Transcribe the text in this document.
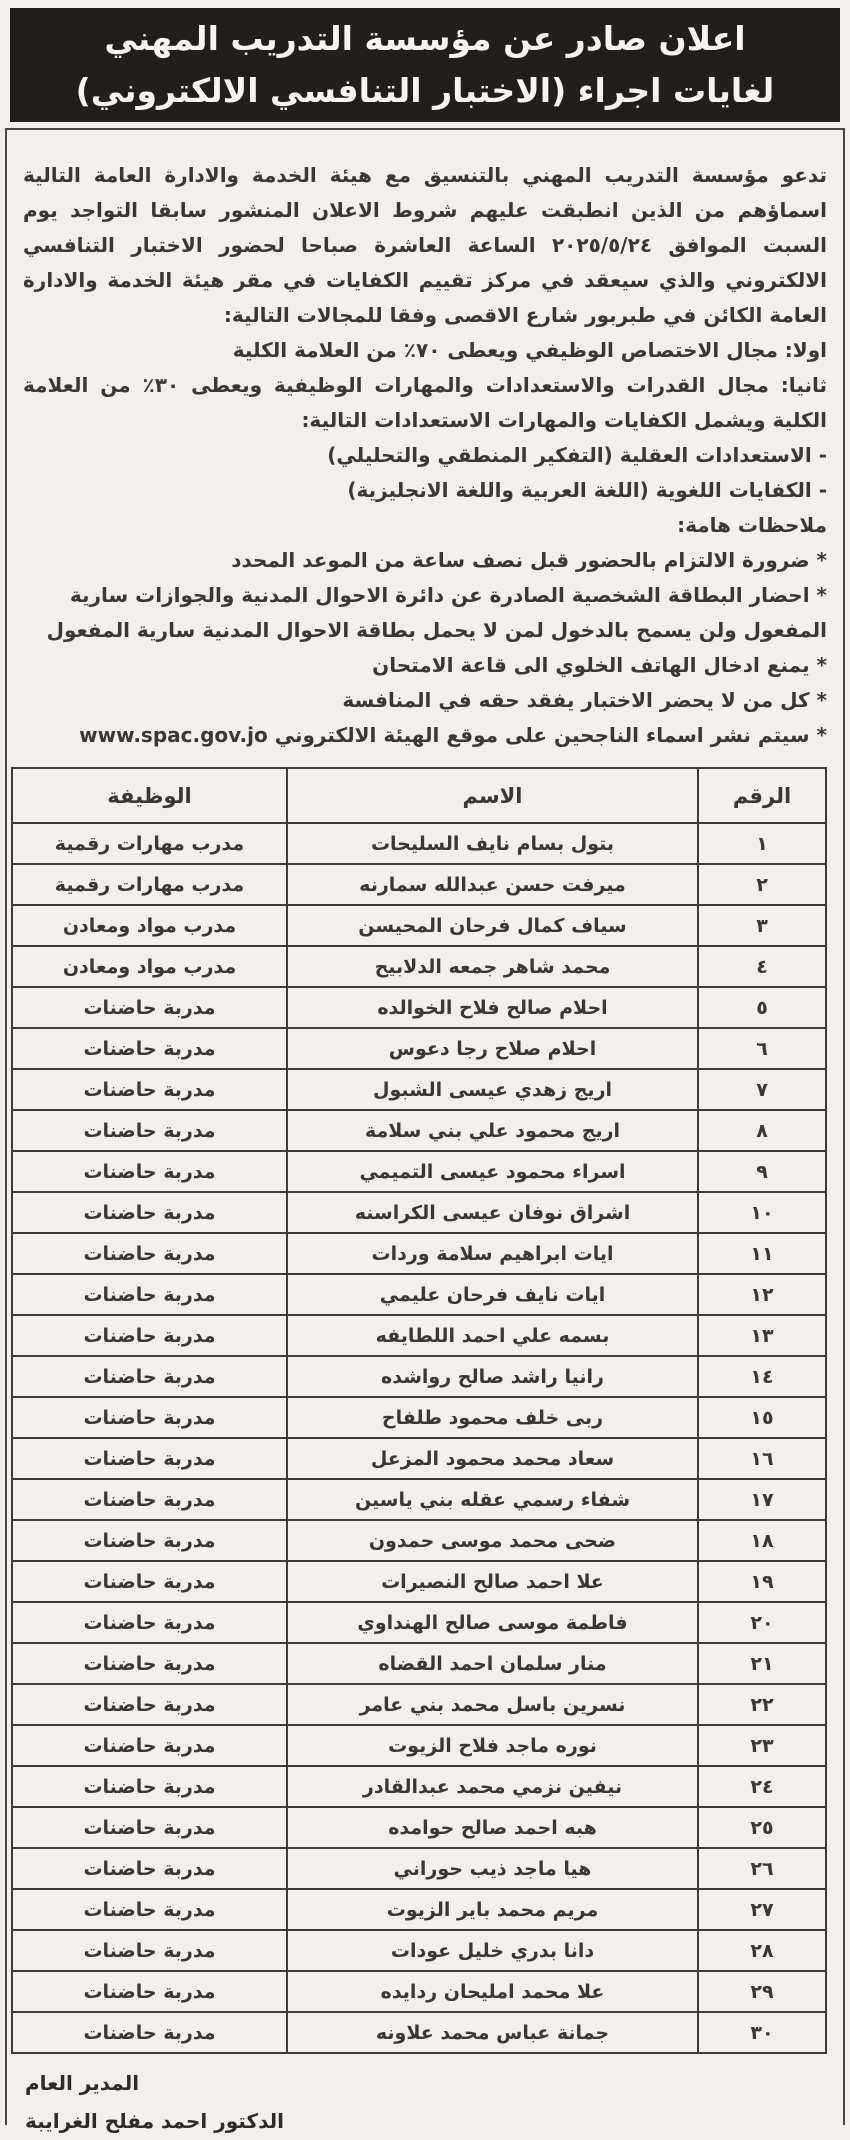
اعلان صادر عن مؤسسة التدريب المهني
لغايات اجراء (الاختبار التنافسي الالكتروني)

تدعو مؤسسة التدريب المهني بالتنسيق مع هيئة الخدمة والادارة العامة التالية اسماؤهم من الذين انطبقت عليهم شروط الاعلان المنشور سابقا التواجد يوم السبت الموافق ٢٠٢٥/٥/٢٤ الساعة العاشرة صباحا لحضور الاختبار التنافسي الالكتروني والذي سيعقد في مركز تقييم الكفايات في مقر هيئة الخدمة والادارة العامة الكائن في طبربور شارع الاقصى وفقا للمجالات التالية:

اولا: مجال الاختصاص الوظيفي ويعطى ٧٠٪ من العلامة الكلية

ثانيا: مجال القدرات والاستعدادات والمهارات الوظيفية ويعطى ٣٠٪ من العلامة الكلية ويشمل الكفايات والمهارات الاستعدادات التالية:

- الاستعدادات العقلية (التفكير المنطقي والتحليلي)
- الكفايات اللغوية (اللغة العربية واللغة الانجليزية)
ملاحظات هامة:
* ضرورة الالتزام بالحضور قبل نصف ساعة من الموعد المحدد
* احضار البطاقة الشخصية الصادرة عن دائرة الاحوال المدنية والجوازات سارية المفعول ولن يسمح بالدخول لمن لا يحمل بطاقة الاحوال المدنية سارية المفعول
* يمنع ادخال الهاتف الخلوي الى قاعة الامتحان
* كل من لا يحضر الاختبار يفقد حقه في المنافسة
* سيتم نشر اسماء الناجحين على موقع الهيئة الالكتروني www.spac.gov.jo
الرقم	الاسم	الوظيفة
١	بتول بسام نايف السليحات	مدرب مهارات رقمية
٢	ميرفت حسن عبدالله سمارنه	مدرب مهارات رقمية
٣	سياف كمال فرحان المحيسن	مدرب مواد ومعادن
٤	محمد شاهر جمعه الدلابيح	مدرب مواد ومعادن
٥	احلام صالح فلاح الخوالده	مدربة حاضنات
٦	احلام صلاح رجا دعوس	مدربة حاضنات
٧	اريج زهدي عيسى الشبول	مدربة حاضنات
٨	اريج محمود علي بني سلامة	مدربة حاضنات
٩	اسراء محمود عيسى التميمي	مدربة حاضنات
١٠	اشراق نوفان عيسى الكراسنه	مدربة حاضنات
١١	ايات ابراهيم سلامة وردات	مدربة حاضنات
١٢	ايات نايف فرحان عليمي	مدربة حاضنات
١٣	بسمه علي احمد اللطايفه	مدربة حاضنات
١٤	رانيا راشد صالح رواشده	مدربة حاضنات
١٥	ربى خلف محمود طلفاح	مدربة حاضنات
١٦	سعاد محمد محمود المزعل	مدربة حاضنات
١٧	شفاء رسمي عقله بني ياسين	مدربة حاضنات
١٨	ضحى محمد موسى حمدون	مدربة حاضنات
١٩	علا احمد صالح النصيرات	مدربة حاضنات
٢٠	فاطمة موسى صالح الهنداوي	مدربة حاضنات
٢١	منار سلمان احمد القضاه	مدربة حاضنات
٢٢	نسرين باسل محمد بني عامر	مدربة حاضنات
٢٣	نوره ماجد فلاح الزيوت	مدربة حاضنات
٢٤	نيفين نزمي محمد عبدالقادر	مدربة حاضنات
٢٥	هبه احمد صالح حوامده	مدربة حاضنات
٢٦	هيا ماجد ذيب حوراني	مدربة حاضنات
٢٧	مريم محمد باير الزيوت	مدربة حاضنات
٢٨	دانا بدري خليل عودات	مدربة حاضنات
٢٩	علا محمد امليحان ردايده	مدربة حاضنات
٣٠	جمانة عباس محمد علاونه	مدربة حاضنات
المدير العام
الدكتور احمد مفلح الغرايبة
